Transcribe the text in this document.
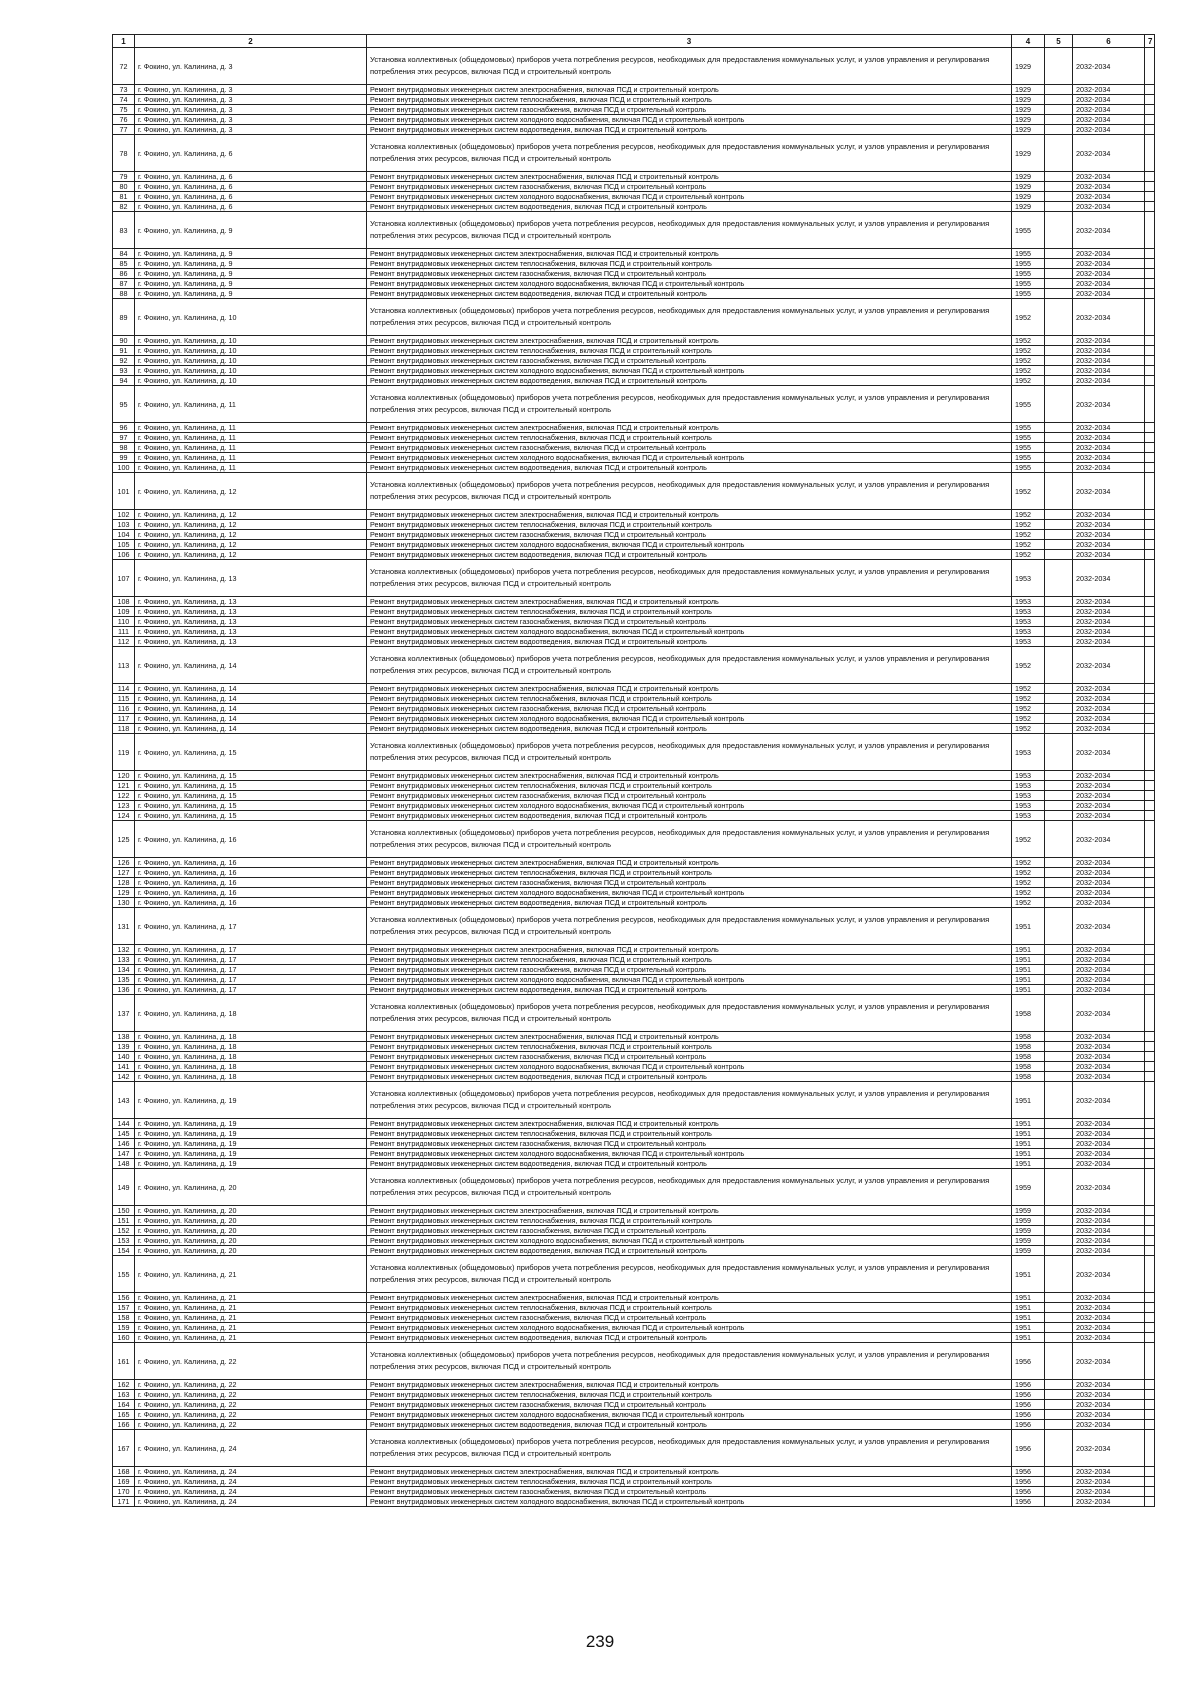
1	2	3	4	5	6	7
72	г. Фокино, ул. Калинина, д. 3	Установка коллективных (общедомовых) приборов учета потребления ресурсов, необходимых для предоставления коммунальных услуг, и узлов управления и регулирования потребления этих ресурсов, включая ПСД и строительный контроль	1929		2032-2034	
73	г. Фокино, ул. Калинина, д. 3	Ремонт внутридомовых инженерных систем электроснабжения, включая ПСД и строительный контроль	1929		2032-2034	
74	г. Фокино, ул. Калинина, д. 3	Ремонт внутридомовых инженерных систем теплоснабжения, включая ПСД и строительный контроль	1929		2032-2034	
75	г. Фокино, ул. Калинина, д. 3	Ремонт внутридомовых инженерных систем газоснабжения, включая ПСД и строительный контроль	1929		2032-2034	
76	г. Фокино, ул. Калинина, д. 3	Ремонт внутридомовых инженерных систем холодного водоснабжения, включая ПСД и строительный контроль	1929		2032-2034	
77	г. Фокино, ул. Калинина, д. 3	Ремонт внутридомовых инженерных систем водоотведения, включая ПСД и строительный контроль	1929		2032-2034	
78	г. Фокино, ул. Калинина, д. 6	Установка коллективных (общедомовых) приборов учета потребления ресурсов, необходимых для предоставления коммунальных услуг, и узлов управления и регулирования потребления этих ресурсов, включая ПСД и строительный контроль	1929		2032-2034	
79	г. Фокино, ул. Калинина, д. 6	Ремонт внутридомовых инженерных систем электроснабжения, включая ПСД и строительный контроль	1929		2032-2034	
80	г. Фокино, ул. Калинина, д. 6	Ремонт внутридомовых инженерных систем газоснабжения, включая ПСД и строительный контроль	1929		2032-2034	
81	г. Фокино, ул. Калинина, д. 6	Ремонт внутридомовых инженерных систем холодного водоснабжения, включая ПСД и строительный контроль	1929		2032-2034	
82	г. Фокино, ул. Калинина, д. 6	Ремонт внутридомовых инженерных систем водоотведения, включая ПСД и строительный контроль	1929		2032-2034	
83	г. Фокино, ул. Калинина, д. 9	Установка коллективных (общедомовых) приборов учета потребления ресурсов, необходимых для предоставления коммунальных услуг, и узлов управления и регулирования потребления этих ресурсов, включая ПСД и строительный контроль	1955		2032-2034	
84	г. Фокино, ул. Калинина, д. 9	Ремонт внутридомовых инженерных систем электроснабжения, включая ПСД и строительный контроль	1955		2032-2034	
85	г. Фокино, ул. Калинина, д. 9	Ремонт внутридомовых инженерных систем теплоснабжения, включая ПСД и строительный контроль	1955		2032-2034	
86	г. Фокино, ул. Калинина, д. 9	Ремонт внутридомовых инженерных систем газоснабжения, включая ПСД и строительный контроль	1955		2032-2034	
87	г. Фокино, ул. Калинина, д. 9	Ремонт внутридомовых инженерных систем холодного водоснабжения, включая ПСД и строительный контроль	1955		2032-2034	
88	г. Фокино, ул. Калинина, д. 9	Ремонт внутридомовых инженерных систем водоотведения, включая ПСД и строительный контроль	1955		2032-2034	
89	г. Фокино, ул. Калинина, д. 10	Установка коллективных (общедомовых) приборов учета потребления ресурсов, необходимых для предоставления коммунальных услуг, и узлов управления и регулирования потребления этих ресурсов, включая ПСД и строительный контроль	1952		2032-2034	
90	г. Фокино, ул. Калинина, д. 10	Ремонт внутридомовых инженерных систем электроснабжения, включая ПСД и строительный контроль	1952		2032-2034	
91	г. Фокино, ул. Калинина, д. 10	Ремонт внутридомовых инженерных систем теплоснабжения, включая ПСД и строительный контроль	1952		2032-2034	
92	г. Фокино, ул. Калинина, д. 10	Ремонт внутридомовых инженерных систем газоснабжения, включая ПСД и строительный контроль	1952		2032-2034	
93	г. Фокино, ул. Калинина, д. 10	Ремонт внутридомовых инженерных систем холодного водоснабжения, включая ПСД и строительный контроль	1952		2032-2034	
94	г. Фокино, ул. Калинина, д. 10	Ремонт внутридомовых инженерных систем водоотведения, включая ПСД и строительный контроль	1952		2032-2034	
95	г. Фокино, ул. Калинина, д. 11	Установка коллективных (общедомовых) приборов учета потребления ресурсов, необходимых для предоставления коммунальных услуг, и узлов управления и регулирования потребления этих ресурсов, включая ПСД и строительный контроль	1955		2032-2034	
96	г. Фокино, ул. Калинина, д. 11	Ремонт внутридомовых инженерных систем электроснабжения, включая ПСД и строительный контроль	1955		2032-2034	
97	г. Фокино, ул. Калинина, д. 11	Ремонт внутридомовых инженерных систем теплоснабжения, включая ПСД и строительный контроль	1955		2032-2034	
98	г. Фокино, ул. Калинина, д. 11	Ремонт внутридомовых инженерных систем газоснабжения, включая ПСД и строительный контроль	1955		2032-2034	
99	г. Фокино, ул. Калинина, д. 11	Ремонт внутридомовых инженерных систем холодного водоснабжения, включая ПСД и строительный контроль	1955		2032-2034	
100	г. Фокино, ул. Калинина, д. 11	Ремонт внутридомовых инженерных систем водоотведения, включая ПСД и строительный контроль	1955		2032-2034	
101	г. Фокино, ул. Калинина, д. 12	Установка коллективных (общедомовых) приборов учета потребления ресурсов, необходимых для предоставления коммунальных услуг, и узлов управления и регулирования потребления этих ресурсов, включая ПСД и строительный контроль	1952		2032-2034	
102	г. Фокино, ул. Калинина, д. 12	Ремонт внутридомовых инженерных систем электроснабжения, включая ПСД и строительный контроль	1952		2032-2034	
103	г. Фокино, ул. Калинина, д. 12	Ремонт внутридомовых инженерных систем теплоснабжения, включая ПСД и строительный контроль	1952		2032-2034	
104	г. Фокино, ул. Калинина, д. 12	Ремонт внутридомовых инженерных систем газоснабжения, включая ПСД и строительный контроль	1952		2032-2034	
105	г. Фокино, ул. Калинина, д. 12	Ремонт внутридомовых инженерных систем холодного водоснабжения, включая ПСД и строительный контроль	1952		2032-2034	
106	г. Фокино, ул. Калинина, д. 12	Ремонт внутридомовых инженерных систем водоотведения, включая ПСД и строительный контроль	1952		2032-2034	
107	г. Фокино, ул. Калинина, д. 13	Установка коллективных (общедомовых) приборов учета потребления ресурсов, необходимых для предоставления коммунальных услуг, и узлов управления и регулирования потребления этих ресурсов, включая ПСД и строительный контроль	1953		2032-2034	
108	г. Фокино, ул. Калинина, д. 13	Ремонт внутридомовых инженерных систем электроснабжения, включая ПСД и строительный контроль	1953		2032-2034	
109	г. Фокино, ул. Калинина, д. 13	Ремонт внутридомовых инженерных систем теплоснабжения, включая ПСД и строительный контроль	1953		2032-2034	
110	г. Фокино, ул. Калинина, д. 13	Ремонт внутридомовых инженерных систем газоснабжения, включая ПСД и строительный контроль	1953		2032-2034	
111	г. Фокино, ул. Калинина, д. 13	Ремонт внутридомовых инженерных систем холодного водоснабжения, включая ПСД и строительный контроль	1953		2032-2034	
112	г. Фокино, ул. Калинина, д. 13	Ремонт внутридомовых инженерных систем водоотведения, включая ПСД и строительный контроль	1953		2032-2034	
113	г. Фокино, ул. Калинина, д. 14	Установка коллективных (общедомовых) приборов учета потребления ресурсов, необходимых для предоставления коммунальных услуг, и узлов управления и регулирования потребления этих ресурсов, включая ПСД и строительный контроль	1952		2032-2034	
114	г. Фокино, ул. Калинина, д. 14	Ремонт внутридомовых инженерных систем электроснабжения, включая ПСД и строительный контроль	1952		2032-2034	
115	г. Фокино, ул. Калинина, д. 14	Ремонт внутридомовых инженерных систем теплоснабжения, включая ПСД и строительный контроль	1952		2032-2034	
116	г. Фокино, ул. Калинина, д. 14	Ремонт внутридомовых инженерных систем газоснабжения, включая ПСД и строительный контроль	1952		2032-2034	
117	г. Фокино, ул. Калинина, д. 14	Ремонт внутридомовых инженерных систем холодного водоснабжения, включая ПСД и строительный контроль	1952		2032-2034	
118	г. Фокино, ул. Калинина, д. 14	Ремонт внутридомовых инженерных систем водоотведения, включая ПСД и строительный контроль	1952		2032-2034	
119	г. Фокино, ул. Калинина, д. 15	Установка коллективных (общедомовых) приборов учета потребления ресурсов, необходимых для предоставления коммунальных услуг, и узлов управления и регулирования потребления этих ресурсов, включая ПСД и строительный контроль	1953		2032-2034	
120	г. Фокино, ул. Калинина, д. 15	Ремонт внутридомовых инженерных систем электроснабжения, включая ПСД и строительный контроль	1953		2032-2034	
121	г. Фокино, ул. Калинина, д. 15	Ремонт внутридомовых инженерных систем теплоснабжения, включая ПСД и строительный контроль	1953		2032-2034	
122	г. Фокино, ул. Калинина, д. 15	Ремонт внутридомовых инженерных систем газоснабжения, включая ПСД и строительный контроль	1953		2032-2034	
123	г. Фокино, ул. Калинина, д. 15	Ремонт внутридомовых инженерных систем холодного водоснабжения, включая ПСД и строительный контроль	1953		2032-2034	
124	г. Фокино, ул. Калинина, д. 15	Ремонт внутридомовых инженерных систем водоотведения, включая ПСД и строительный контроль	1953		2032-2034	
125	г. Фокино, ул. Калинина, д. 16	Установка коллективных (общедомовых) приборов учета потребления ресурсов, необходимых для предоставления коммунальных услуг, и узлов управления и регулирования потребления этих ресурсов, включая ПСД и строительный контроль	1952		2032-2034	
126	г. Фокино, ул. Калинина, д. 16	Ремонт внутридомовых инженерных систем электроснабжения, включая ПСД и строительный контроль	1952		2032-2034	
127	г. Фокино, ул. Калинина, д. 16	Ремонт внутридомовых инженерных систем теплоснабжения, включая ПСД и строительный контроль	1952		2032-2034	
128	г. Фокино, ул. Калинина, д. 16	Ремонт внутридомовых инженерных систем газоснабжения, включая ПСД и строительный контроль	1952		2032-2034	
129	г. Фокино, ул. Калинина, д. 16	Ремонт внутридомовых инженерных систем холодного водоснабжения, включая ПСД и строительный контроль	1952		2032-2034	
130	г. Фокино, ул. Калинина, д. 16	Ремонт внутридомовых инженерных систем водоотведения, включая ПСД и строительный контроль	1952		2032-2034	
131	г. Фокино, ул. Калинина, д. 17	Установка коллективных (общедомовых) приборов учета потребления ресурсов, необходимых для предоставления коммунальных услуг, и узлов управления и регулирования потребления этих ресурсов, включая ПСД и строительный контроль	1951		2032-2034	
132	г. Фокино, ул. Калинина, д. 17	Ремонт внутридомовых инженерных систем электроснабжения, включая ПСД и строительный контроль	1951		2032-2034	
133	г. Фокино, ул. Калинина, д. 17	Ремонт внутридомовых инженерных систем теплоснабжения, включая ПСД и строительный контроль	1951		2032-2034	
134	г. Фокино, ул. Калинина, д. 17	Ремонт внутридомовых инженерных систем газоснабжения, включая ПСД и строительный контроль	1951		2032-2034	
135	г. Фокино, ул. Калинина, д. 17	Ремонт внутридомовых инженерных систем холодного водоснабжения, включая ПСД и строительный контроль	1951		2032-2034	
136	г. Фокино, ул. Калинина, д. 17	Ремонт внутридомовых инженерных систем водоотведения, включая ПСД и строительный контроль	1951		2032-2034	
137	г. Фокино, ул. Калинина, д. 18	Установка коллективных (общедомовых) приборов учета потребления ресурсов, необходимых для предоставления коммунальных услуг, и узлов управления и регулирования потребления этих ресурсов, включая ПСД и строительный контроль	1958		2032-2034	
138	г. Фокино, ул. Калинина, д. 18	Ремонт внутридомовых инженерных систем электроснабжения, включая ПСД и строительный контроль	1958		2032-2034	
139	г. Фокино, ул. Калинина, д. 18	Ремонт внутридомовых инженерных систем теплоснабжения, включая ПСД и строительный контроль	1958		2032-2034	
140	г. Фокино, ул. Калинина, д. 18	Ремонт внутридомовых инженерных систем газоснабжения, включая ПСД и строительный контроль	1958		2032-2034	
141	г. Фокино, ул. Калинина, д. 18	Ремонт внутридомовых инженерных систем холодного водоснабжения, включая ПСД и строительный контроль	1958		2032-2034	
142	г. Фокино, ул. Калинина, д. 18	Ремонт внутридомовых инженерных систем водоотведения, включая ПСД и строительный контроль	1958		2032-2034	
143	г. Фокино, ул. Калинина, д. 19	Установка коллективных (общедомовых) приборов учета потребления ресурсов, необходимых для предоставления коммунальных услуг, и узлов управления и регулирования потребления этих ресурсов, включая ПСД и строительный контроль	1951		2032-2034	
144	г. Фокино, ул. Калинина, д. 19	Ремонт внутридомовых инженерных систем электроснабжения, включая ПСД и строительный контроль	1951		2032-2034	
145	г. Фокино, ул. Калинина, д. 19	Ремонт внутридомовых инженерных систем теплоснабжения, включая ПСД и строительный контроль	1951		2032-2034	
146	г. Фокино, ул. Калинина, д. 19	Ремонт внутридомовых инженерных систем газоснабжения, включая ПСД и строительный контроль	1951		2032-2034	
147	г. Фокино, ул. Калинина, д. 19	Ремонт внутридомовых инженерных систем холодного водоснабжения, включая ПСД и строительный контроль	1951		2032-2034	
148	г. Фокино, ул. Калинина, д. 19	Ремонт внутридомовых инженерных систем водоотведения, включая ПСД и строительный контроль	1951		2032-2034	
149	г. Фокино, ул. Калинина, д. 20	Установка коллективных (общедомовых) приборов учета потребления ресурсов, необходимых для предоставления коммунальных услуг, и узлов управления и регулирования потребления этих ресурсов, включая ПСД и строительный контроль	1959		2032-2034	
150	г. Фокино, ул. Калинина, д. 20	Ремонт внутридомовых инженерных систем электроснабжения, включая ПСД и строительный контроль	1959		2032-2034	
151	г. Фокино, ул. Калинина, д. 20	Ремонт внутридомовых инженерных систем теплоснабжения, включая ПСД и строительный контроль	1959		2032-2034	
152	г. Фокино, ул. Калинина, д. 20	Ремонт внутридомовых инженерных систем газоснабжения, включая ПСД и строительный контроль	1959		2032-2034	
153	г. Фокино, ул. Калинина, д. 20	Ремонт внутридомовых инженерных систем холодного водоснабжения, включая ПСД и строительный контроль	1959		2032-2034	
154	г. Фокино, ул. Калинина, д. 20	Ремонт внутридомовых инженерных систем водоотведения, включая ПСД и строительный контроль	1959		2032-2034	
155	г. Фокино, ул. Калинина, д. 21	Установка коллективных (общедомовых) приборов учета потребления ресурсов, необходимых для предоставления коммунальных услуг, и узлов управления и регулирования потребления этих ресурсов, включая ПСД и строительный контроль	1951		2032-2034	
156	г. Фокино, ул. Калинина, д. 21	Ремонт внутридомовых инженерных систем электроснабжения, включая ПСД и строительный контроль	1951		2032-2034	
157	г. Фокино, ул. Калинина, д. 21	Ремонт внутридомовых инженерных систем теплоснабжения, включая ПСД и строительный контроль	1951		2032-2034	
158	г. Фокино, ул. Калинина, д. 21	Ремонт внутридомовых инженерных систем газоснабжения, включая ПСД и строительный контроль	1951		2032-2034	
159	г. Фокино, ул. Калинина, д. 21	Ремонт внутридомовых инженерных систем холодного водоснабжения, включая ПСД и строительный контроль	1951		2032-2034	
160	г. Фокино, ул. Калинина, д. 21	Ремонт внутридомовых инженерных систем водоотведения, включая ПСД и строительный контроль	1951		2032-2034	
161	г. Фокино, ул. Калинина, д. 22	Установка коллективных (общедомовых) приборов учета потребления ресурсов, необходимых для предоставления коммунальных услуг, и узлов управления и регулирования потребления этих ресурсов, включая ПСД и строительный контроль	1956		2032-2034	
162	г. Фокино, ул. Калинина, д. 22	Ремонт внутридомовых инженерных систем электроснабжения, включая ПСД и строительный контроль	1956		2032-2034	
163	г. Фокино, ул. Калинина, д. 22	Ремонт внутридомовых инженерных систем теплоснабжения, включая ПСД и строительный контроль	1956		2032-2034	
164	г. Фокино, ул. Калинина, д. 22	Ремонт внутридомовых инженерных систем газоснабжения, включая ПСД и строительный контроль	1956		2032-2034	
165	г. Фокино, ул. Калинина, д. 22	Ремонт внутридомовых инженерных систем холодного водоснабжения, включая ПСД и строительный контроль	1956		2032-2034	
166	г. Фокино, ул. Калинина, д. 22	Ремонт внутридомовых инженерных систем водоотведения, включая ПСД и строительный контроль	1956		2032-2034	
167	г. Фокино, ул. Калинина, д. 24	Установка коллективных (общедомовых) приборов учета потребления ресурсов, необходимых для предоставления коммунальных услуг, и узлов управления и регулирования потребления этих ресурсов, включая ПСД и строительный контроль	1956		2032-2034	
168	г. Фокино, ул. Калинина, д. 24	Ремонт внутридомовых инженерных систем электроснабжения, включая ПСД и строительный контроль	1956		2032-2034	
169	г. Фокино, ул. Калинина, д. 24	Ремонт внутридомовых инженерных систем теплоснабжения, включая ПСД и строительный контроль	1956		2032-2034	
170	г. Фокино, ул. Калинина, д. 24	Ремонт внутридомовых инженерных систем газоснабжения, включая ПСД и строительный контроль	1956		2032-2034	
171	г. Фокино, ул. Калинина, д. 24	Ремонт внутридомовых инженерных систем холодного водоснабжения, включая ПСД и строительный контроль	1956		2032-2034	
239
